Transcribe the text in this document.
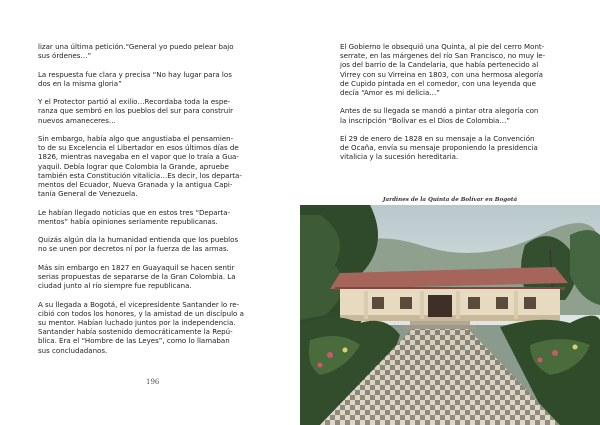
lizar una última petición.“General yo puedo pelear bajo
sus órdenes…”

La respuesta fue clara y precisa “No hay lugar para los
dos en la misma gloria”

Y el Protector partió al exilio…Recordaba toda la espe-
ranza que sembró en los pueblos del sur para construir
nuevos amaneceres…

Sin embargo, había algo que angustiaba el pensamien-
to de su Excelencia el Libertador en esos últimos días de
1826, mientras navegaba en el vapor que lo traía a Gua-
yaquil. Debía lograr que Colombia la Grande, apruebe
también esta Constitución vitalicia…Es decir, los departa-
mentos del Ecuador, Nueva Granada y la antigua Capi-
tanía General de Venezuela.

Le habían llegado noticias que en estos tres “Departa-
mentos” había opiniones seriamente republicanas.

Quizás algún día la humanidad entienda que los pueblos
no se unen por decretos ni por la fuerza de las armas.

Más sin embargo en 1827 en Guayaquil se hacen sentir
serias propuestas de separarse de la Gran Colombia. La
ciudad junto al río siempre fue republicana.

A su llegada a Bogotá, el vicepresidente Santander lo re-
cibió con todos los honores, y la amistad de un discípulo a
su mentor. Habían luchado juntos por la independencia.
Santander había sostenido democráticamente la Repú-
blica. Era el “Hombre de las Leyes”, como lo llamaban
sus concludadanos.

196

El Gobierno le obsequió una Quinta, al pie del cerro Mont-
serrate, en las márgenes del río San Francisco, no muy le-
jos del barrio de la Candelaria, que había pertenecido al
Virrey con su Virreina en 1803, con una hermosa alegoría
de Cupido pintada en el comedor, con una leyenda que
decía “Amor es mi delicia…”

Antes de su llegada se mandó a pintar otra alegoría con
la inscripción “Bolívar es el Dios de Colombia…”

El 29 de enero de 1828 en su mensaje a la Convención
de Ocaña, envía su mensaje proponiendo la presidencia
vitalicia y la sucesión hereditaria.

Jardines de la Quinta de Bolívar en Bogotá
